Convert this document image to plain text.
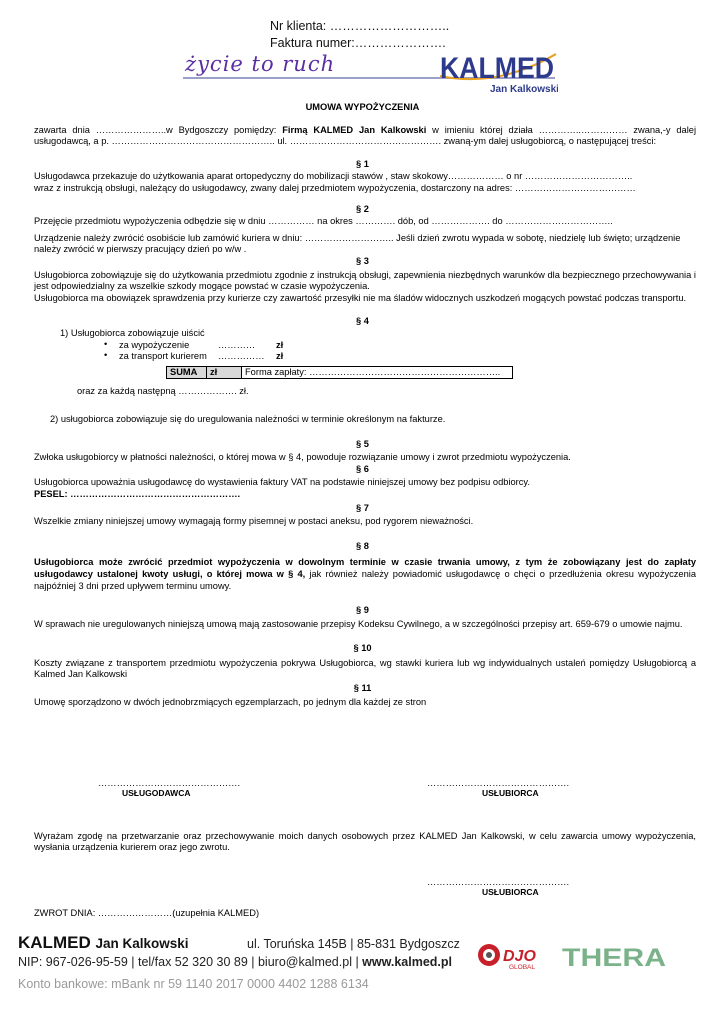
Nr klienta: ………………………..
Faktura numer:………………….
życie to ruch	KALMED
Jan Kalkowski
UMOWA WYPOŻYCZENIA
zawarta dnia …………………..w Bydgoszczy pomiędzy: Firmą KALMED Jan Kalkowski w imieniu której działa …………..…………… zwana,-y dalej usługodawcą, a p. …………………………………………….. ul. …………………………………………. zwaną-ym dalej usługobiorcą, o następującej treści:
§ 1
Usługodawca przekazuje do użytkowania aparat ortopedyczny do mobilizacji stawów , staw skokowy……………… o nr ……………………………..
wraz z instrukcją obsługi, należący do usługodawcy, zwany dalej przedmiotem wypożyczenia, dostarczony na adres: …………………………………
§ 2
Przejęcie przedmiotu wypożyczenia odbędzie się w dniu …………… na okres …………. dób, od ………………. do ……………………………..
Urządzenie należy zwrócić osobiście lub zamówić kuriera w dniu: ……………………….. Jeśli dzień zwrotu wypada w sobotę, niedzielę lub święto; urządzenie należy zwrócić w pierwszy pracujący dzień po w/w .
§ 3
Usługobiorca zobowiązuje się do użytkowania przedmiotu zgodnie z instrukcją obsługi, zapewnienia niezbędnych warunków dla bezpiecznego przechowywania i jest odpowiedzialny za wszelkie szkody mogące powstać w czasie wypożyczenia.
Usługobiorca ma obowiązek sprawdzenia przy kurierze czy zawartość przesyłki nie ma śladów widocznych uszkodzeń mogących powstać podczas transportu.
§ 4
1) Usługobiorca zobowiązuje uiścić
• za wypożyczenie	………… zł
• za transport kurierem …………… zł
SUMA	zł	Forma zapłaty: ……………………………………………………..
oraz za każdą następną ………………. zł.
2) usługobiorca zobowiązuje się do uregulowania należności w terminie określonym na fakturze.
§ 5
Zwłoka usługobiorcy w płatności należności, o której mowa w § 4, powoduje rozwiązanie umowy i zwrot przedmiotu wypożyczenia.
§ 6
Usługobiorca upoważnia usługodawcę do wystawienia faktury VAT na podstawie niniejszej umowy bez podpisu odbiorcy.
PESEL: ……………………………………………….
§ 7
Wszelkie zmiany niniejszej umowy wymagają formy pisemnej w postaci aneksu, pod rygorem nieważności.
§ 8
Usługobiorca może zwrócić przedmiot wypożyczenia w dowolnym terminie w czasie trwania umowy, z tym że zobowiązany jest do zapłaty usługodawcy ustalonej kwoty usługi, o której mowa w § 4, jak również należy powiadomić usługodawcę o chęci o przedłużenia okresu wypożyczenia najpóźniej 3 dni przed upływem terminu umowy.
§ 9
W sprawach nie uregulowanych niniejszą umową mają zastosowanie przepisy Kodeksu Cywilnego, a w szczególności przepisy art. 659-679 o umowie najmu.
§ 10
Koszty związane z transportem przedmiotu wypożyczenia pokrywa Usługobiorca, wg stawki kuriera lub wg indywidualnych ustaleń pomiędzy Usługobiorcą a Kalmed Jan Kalkowski
§ 11
Umowę sporządzono w dwóch jednobrzmiących egzemplarzach, po jednym dla każdej ze stron
……………………………………….
USŁUGODAWCA
……………………………………….
USŁUBIORCA
Wyrażam zgodę na przetwarzanie oraz przechowywanie moich danych osobowych przez KALMED Jan Kalkowski, w celu zawarcia umowy wypożyczenia, wysłania urządzenia kurierem oraz jego zwrotu.
……………………………………….
USŁUBIORCA
ZWROT DNIA: ……………………(uzupełnia KALMED)
KALMED Jan Kalkowski	ul. Toruńska 145B | 85-831 Bydgoszcz
NIP: 967-026-95-59 | tel/fax 52 320 30 89 | biuro@kalmed.pl | www.kalmed.pl
Konto bankowe: mBank nr 59 1140 2017 0000 4402 1288 6134
DJO
GLOBAL THERA
